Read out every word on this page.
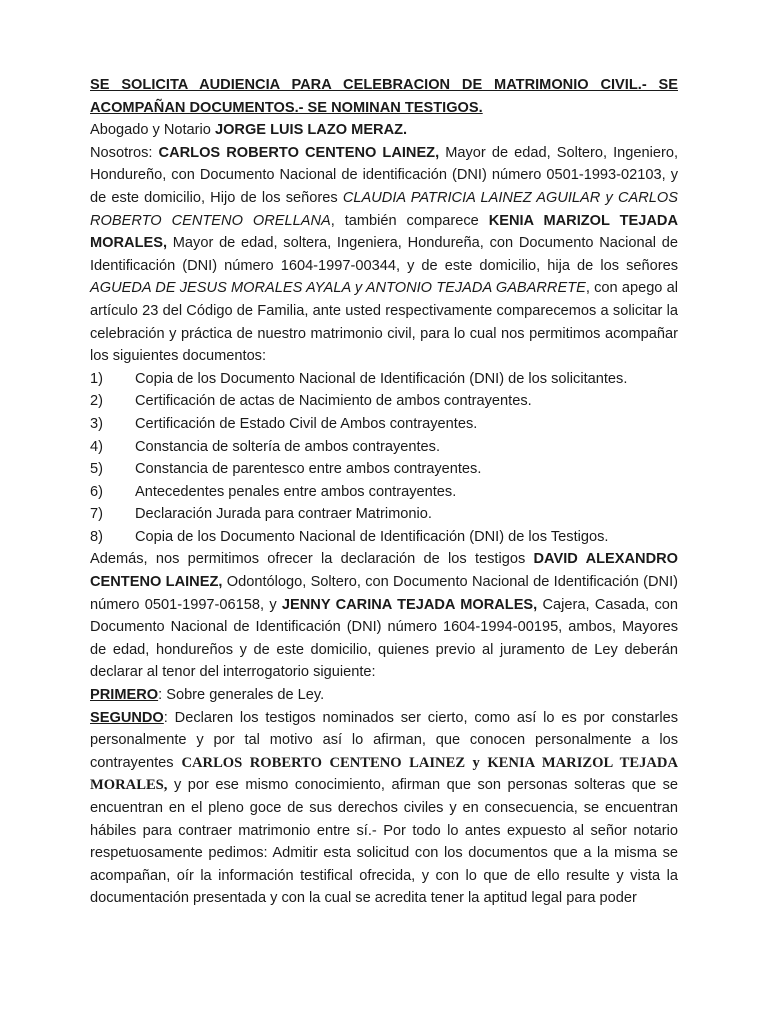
SE SOLICITA AUDIENCIA PARA CELEBRACION DE MATRIMONIO CIVIL.- SE
ACOMPAÑAN DOCUMENTOS.- SE NOMINAN TESTIGOS.

Abogado y Notario JORGE LUIS LAZO MERAZ.

Nosotros: CARLOS ROBERTO CENTENO LAINEZ, Mayor de edad, Soltero, Ingeniero, Hondureño, con Documento Nacional de identificación (DNI) número 0501-1993-02103, y de este domicilio, Hijo de los señores CLAUDIA PATRICIA LAINEZ AGUILAR y CARLOS ROBERTO CENTENO ORELLANA, también comparece KENIA MARIZOL TEJADA MORALES, Mayor de edad, soltera, Ingeniera, Hondureña, con Documento Nacional de Identificación (DNI) número 1604-1997-00344, y de este domicilio, hija de los señores AGUEDA DE JESUS MORALES AYALA y ANTONIO TEJADA GABARRETE, con apego al artículo 23 del Código de Familia, ante usted respectivamente comparecemos a solicitar la celebración y práctica de nuestro matrimonio civil, para lo cual nos permitimos acompañar los siguientes documentos:

1)	Copia de los Documento Nacional de Identificación (DNI) de los solicitantes.
2)	Certificación de actas de Nacimiento de ambos contrayentes.
3)	Certificación de Estado Civil de Ambos contrayentes.
4)	Constancia de soltería de ambos contrayentes.
5)	Constancia de parentesco entre ambos contrayentes.
6)	Antecedentes penales entre ambos contrayentes.
7)	Declaración Jurada para contraer Matrimonio.
8)	Copia de los Documento Nacional de Identificación (DNI) de los Testigos.

Además, nos permitimos ofrecer la declaración de los testigos DAVID ALEXANDRO CENTENO LAINEZ, Odontólogo, Soltero, con Documento Nacional de Identificación (DNI) número 0501-1997-06158, y JENNY CARINA TEJADA MORALES, Cajera, Casada, con Documento Nacional de Identificación (DNI) número 1604-1994-00195, ambos, Mayores de edad, hondureños y de este domicilio, quienes previo al juramento de Ley deberán declarar al tenor del interrogatorio siguiente:

PRIMERO: Sobre generales de Ley.

SEGUNDO: Declaren los testigos nominados ser cierto, como así lo es por constarles personalmente y por tal motivo así lo afirman, que conocen personalmente a los contrayentes CARLOS ROBERTO CENTENO LAINEZ y KENIA MARIZOL TEJADA MORALES, y por ese mismo conocimiento, afirman que son personas solteras que se encuentran en el pleno goce de sus derechos civiles y en consecuencia, se encuentran hábiles para contraer matrimonio entre sí.- Por todo lo antes expuesto al señor notario respetuosamente pedimos: Admitir esta solicitud con los documentos que a la misma se acompañan, oír la información testifical ofrecida, y con lo que de ello resulte y vista la documentación presentada y con la cual se acredita tener la aptitud legal para poder
